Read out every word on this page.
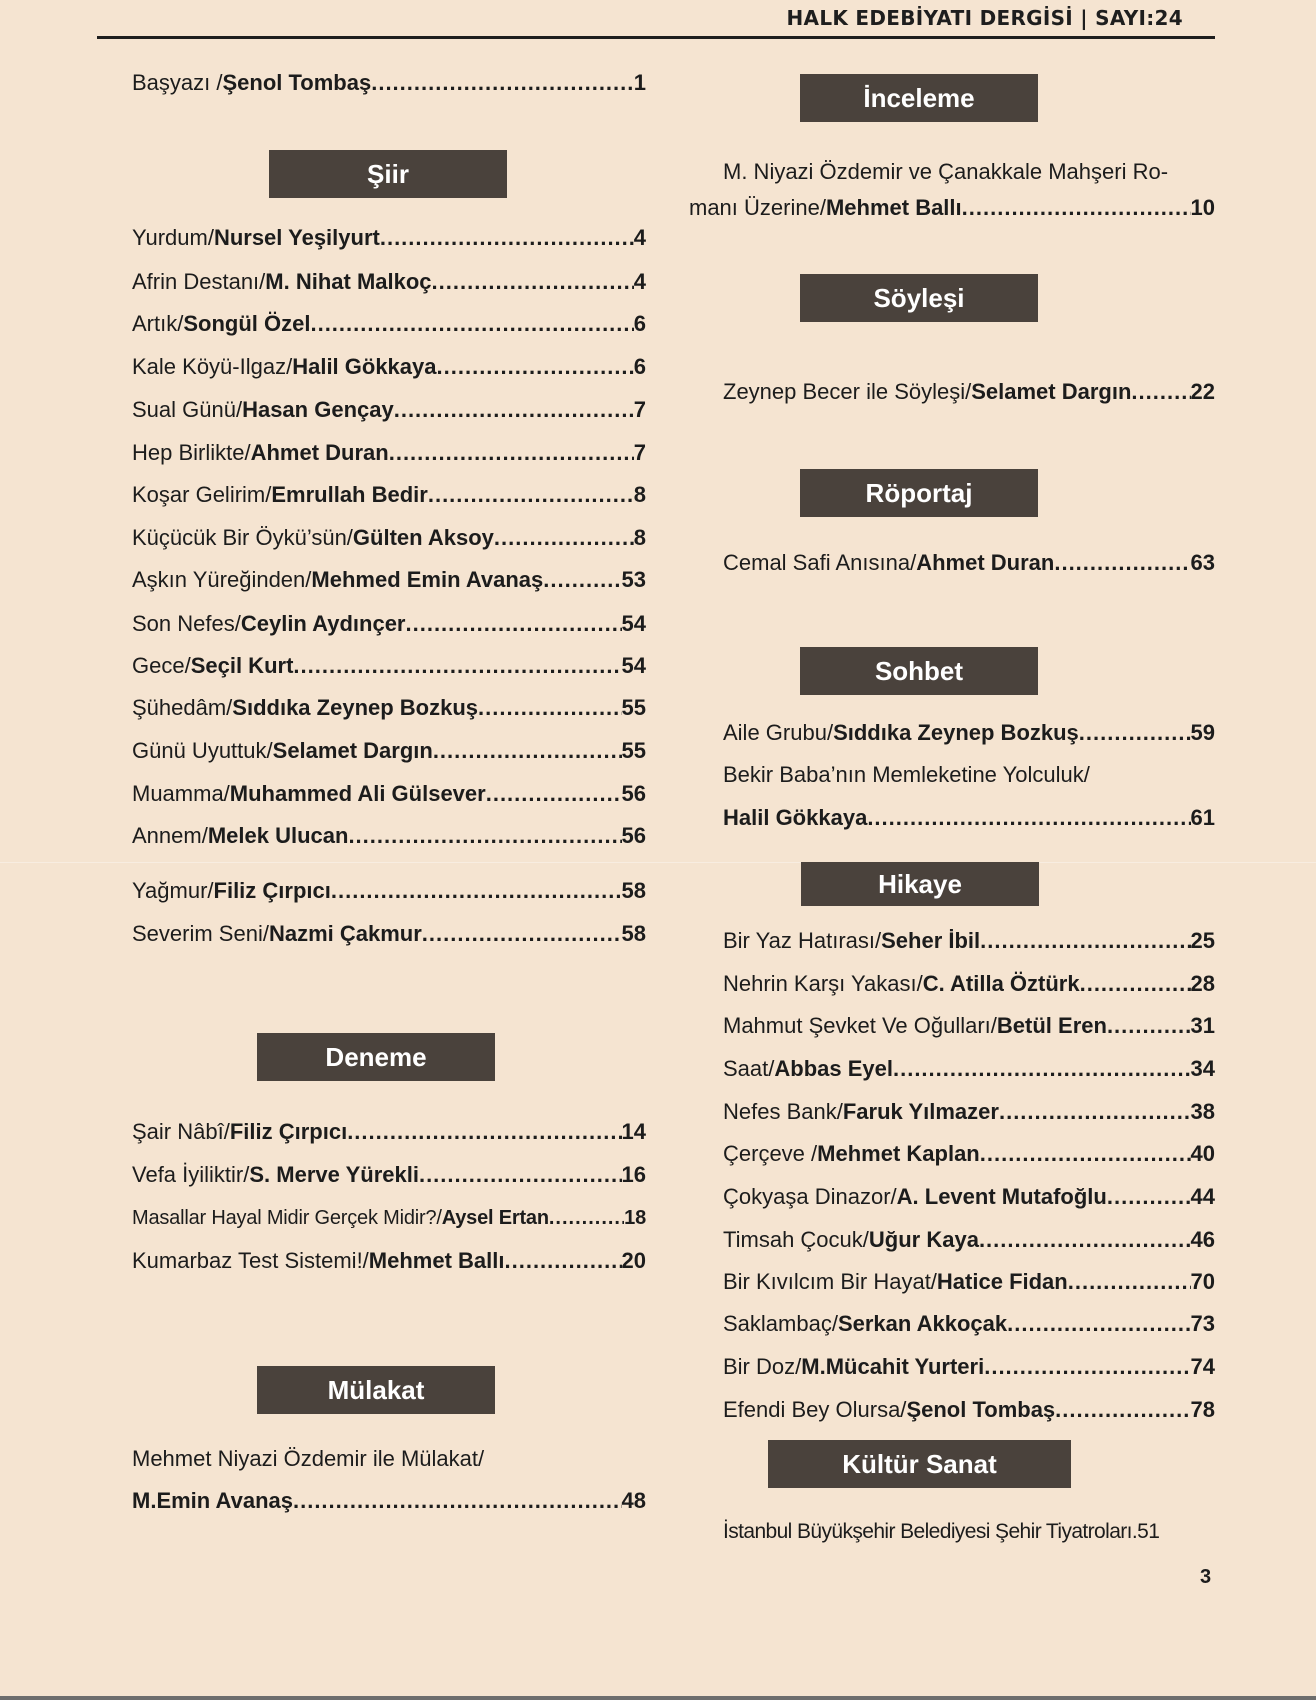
HALK EDEBİYATI DERGİSİ | SAYI:24
Başyazı / Şenol Tombaş .....	1
Şiir
Yurdum/ Nursel Yeşilyurt .....	4
Afrin Destanı/ M. Nihat Malkoç .....	4
Artık/ Songül Özel .....	6
Kale Köyü-Ilgaz/ Halil Gökkaya .....	6
Sual Günü/ Hasan Gençay .....	7
Hep Birlikte/ Ahmet Duran .....	7
Koşar Gelirim/ Emrullah Bedir .....	8
Küçücük Bir Öykü’sün/ Gülten Aksoy .....	8
Aşkın Yüreğinden/ Mehmed Emin Avanaş .....	53
Son Nefes/ Ceylin Aydınçer .....	54
Gece/ Seçil Kurt .....	54
Şühedâm/ Sıddıka Zeynep Bozkuş .....	55
Günü Uyuttuk/ Selamet Dargın .....	55
Muamma/ Muhammed Ali Gülsever .....	56
Annem/ Melek Ulucan .....	56
Yağmur/ Filiz Çırpıcı .....	58
Severim Seni/ Nazmi Çakmur .....	58
Deneme
Şair Nâbî/ Filiz Çırpıcı .....	14
Vefa İyiliktir/ S. Merve Yürekli .....	16
Masallar Hayal Midir Gerçek Midir?/ Aysel Ertan .....	18
Kumarbaz Test Sistemi!/ Mehmet Ballı .....	20
Mülakat
Mehmet Niyazi Özdemir ile Mülakat/
M.Emin Avanaş .....	48
İnceleme
M. Niyazi Özdemir ve Çanakkale Mahşeri Ro-
manı Üzerine/ Mehmet Ballı .....	10
Söyleşi
Zeynep Becer ile Söyleşi/ Selamet Dargın .....	22
Röportaj
Cemal Safi Anısına/ Ahmet Duran .....	63
Sohbet
Aile Grubu/ Sıddıka Zeynep Bozkuş .....	59
Bekir Baba’nın Memleketine Yolculuk/
Halil Gökkaya .....	61
Hikaye
Bir Yaz Hatırası/ Seher İbil .....	25
Nehrin Karşı Yakası/ C. Atilla Öztürk .....	28
Mahmut Şevket Ve Oğulları/ Betül Eren .....	31
Saat/ Abbas Eyel .....	34
Nefes Bank/ Faruk Yılmazer .....	38
Çerçeve / Mehmet Kaplan .....	40
Çokyaşa Dinazor/ A. Levent Mutafoğlu .....	44
Timsah Çocuk/ Uğur Kaya .....	46
Bir Kıvılcım Bir Hayat/ Hatice Fidan .....	70
Saklambaç/ Serkan Akkoçak .....	73
Bir Doz/ M.Mücahit Yurteri .....	74
Efendi Bey Olursa/ Şenol Tombaş .....	78
Kültür Sanat
İstanbul Büyükşehir Belediyesi Şehir Tiyatroları.51
3
